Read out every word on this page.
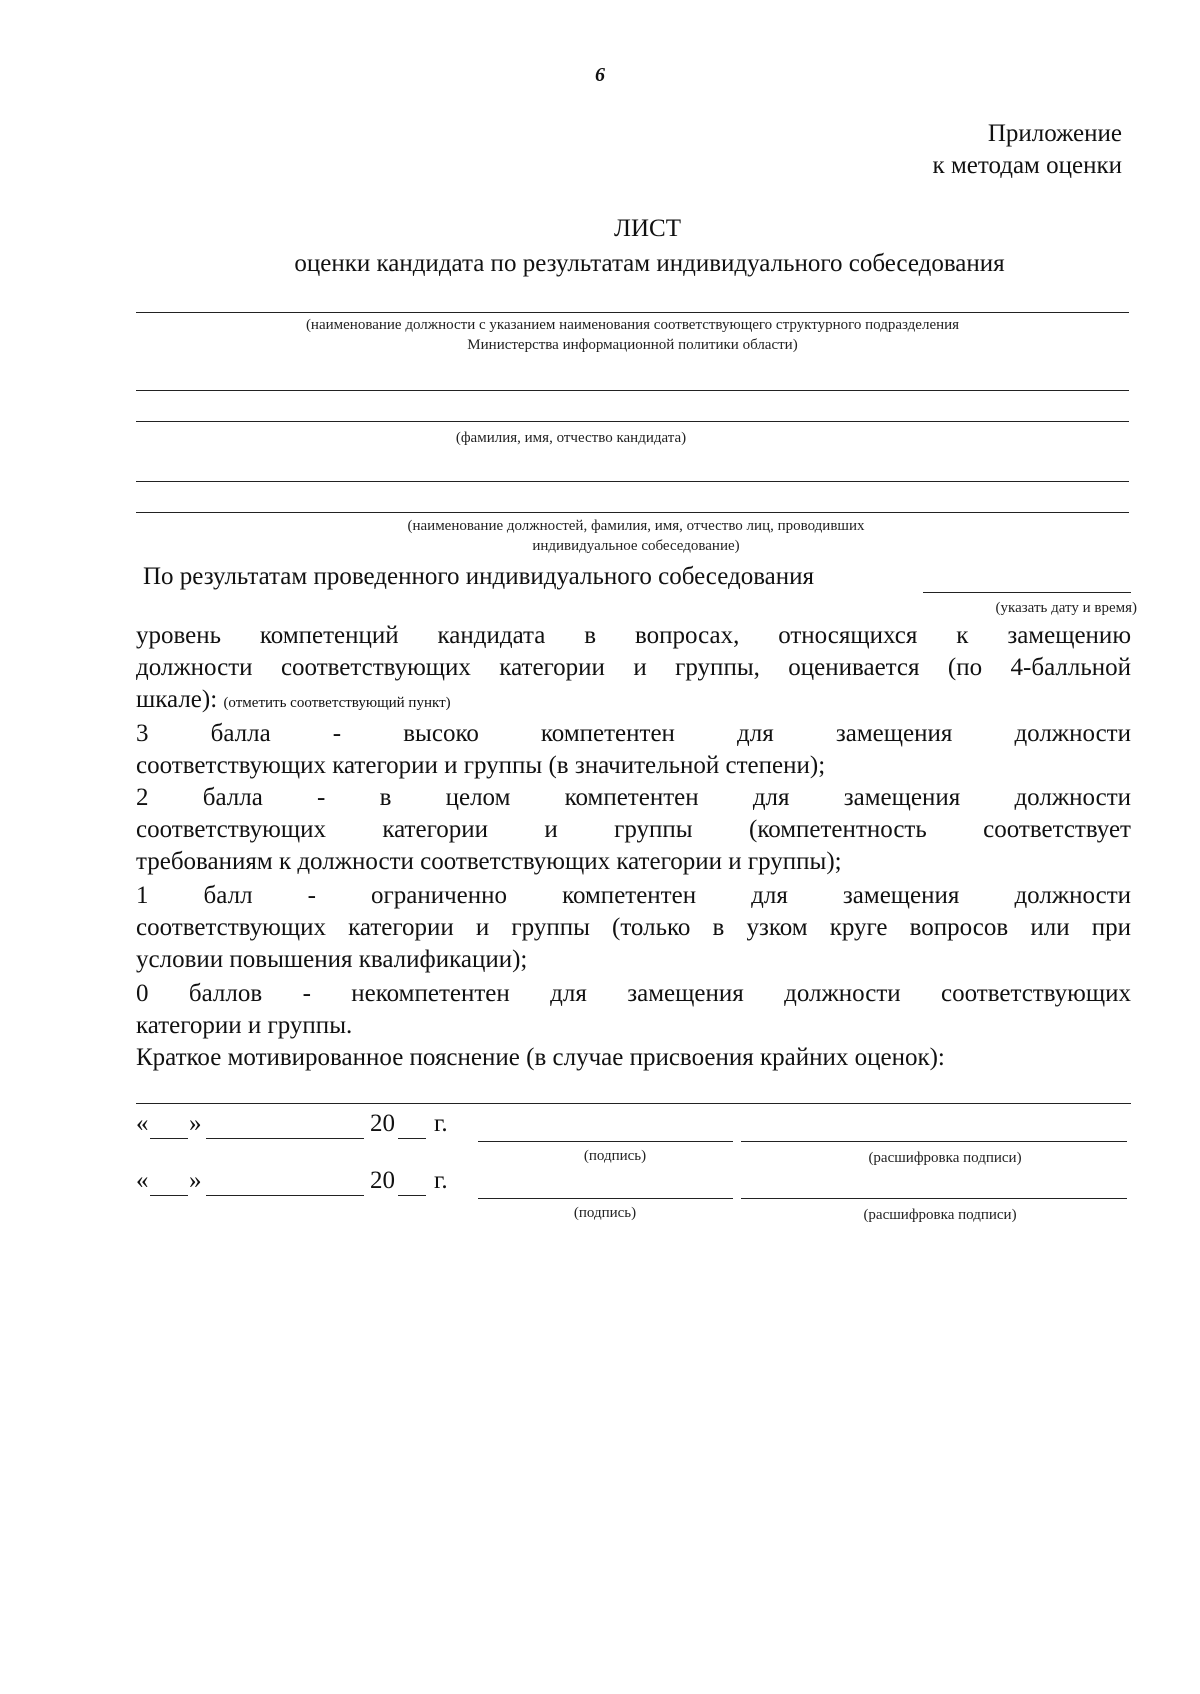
6
Приложение
к методам оценки
ЛИСТ
оценки кандидата по результатам индивидуального собеседования
(наименование должности с указанием наименования соответствующего структурного подразделения
Министерства информационной политики области)
(фамилия, имя, отчество кандидата)
(наименование должностей, фамилия, имя, отчество лиц, проводивших
индивидуальное собеседование)
По результатам проведенного индивидуального собеседования
(указать дату и время)
уровень компетенций кандидата в вопросах, относящихся к замещению
должности соответствующих категории и группы, оценивается (по 4-балльной
шкале): (отметить соответствующий пункт)
3 балла - высоко компетентен для замещения должности
соответствующих категории и группы (в значительной степени);
2 балла - в целом компетентен для замещения должности
соответствующих категории и группы (компетентность соответствует
требованиям к должности соответствующих категории и группы);
1 балл - ограниченно компетентен для замещения должности
соответствующих категории и группы (только в узком круге вопросов или при
условии повышения квалификации);
0 баллов - некомпетентен для замещения должности соответствующих
категории и группы.
Краткое мотивированное пояснение (в случае присвоения крайних оценок):
« »	20 г.
(подпись)	(расшифровка подписи)
« »	20 г.
(подпись)	(расшифровка подписи)
